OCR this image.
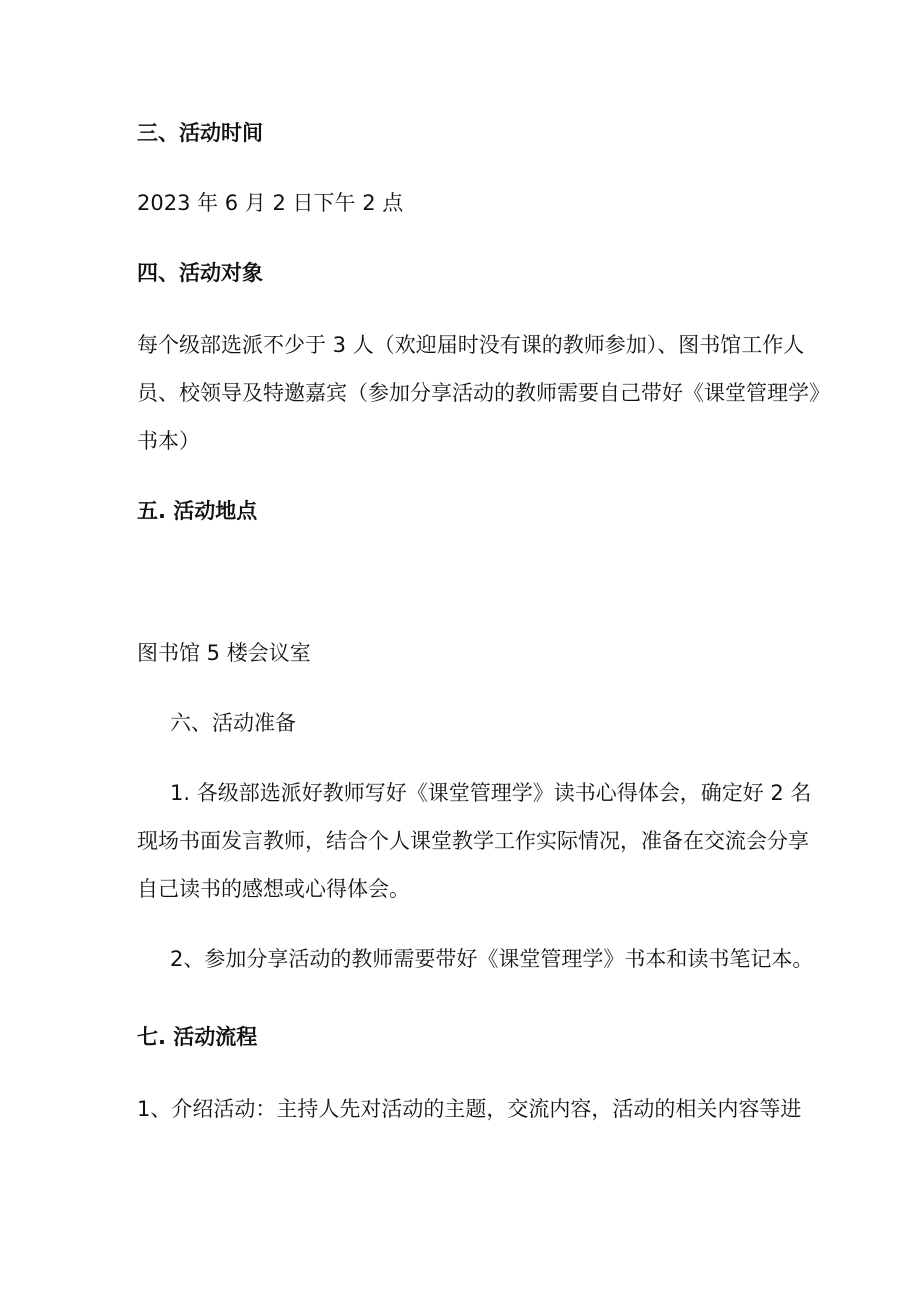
三、活动时间
2023 年 6 月 2 日下午 2 点
四、活动对象
每个级部选派不少于 3 人（欢迎届时没有课的教师参加）、图书馆工作人
员、校领导及特邀嘉宾（参加分享活动的教师需要自己带好《课堂管理学》
书本）
五. 活动地点
图书馆 5 楼会议室
六、活动准备
1. 各级部选派好教师写好《课堂管理学》读书心得体会，确定好 2 名
现场书面发言教师，结合个人课堂教学工作实际情况，准备在交流会分享
自己读书的感想或心得体会。
2、参加分享活动的教师需要带好《课堂管理学》书本和读书笔记本。
七. 活动流程
1、介绍活动：主持人先对活动的主题，交流内容，活动的相关内容等进
